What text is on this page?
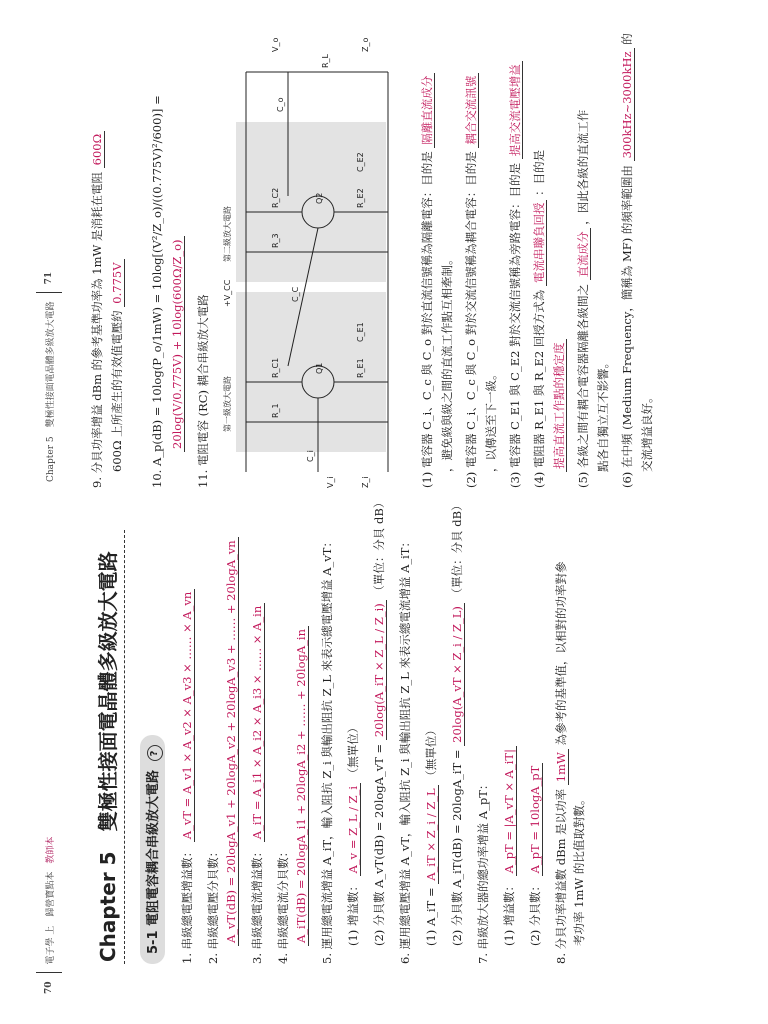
70
電子學 上　歸營寶點本
教師本 Chapter 5　雙極性接面電晶體多級放大電路	5-1 電阻電容耦合串級放大電路 ?
1. 串級總電壓增益數： A_vT = A_v1 × A_v2 × A_v3 × …… × A_vn
2. 串級總電壓分貝數： A_vT(dB) = 20logA_v1 + 20logA_v2 + 20logA_v3 + …… + 20logA_vn 3. 串級總電流增益數： A_iT = A_i1 × A_i2 × A_i3 × …… × A_in
4. 串級總電流分貝數： A_iT(dB) = 20logA_i1 + 20logA_i2 + …… + 20logA_in 5. 運用總電流增益 A_iT，輸入阻抗 Z_i 與輸出阻抗 Z_L 來表示總電壓增益 A_vT： (1) 增益數： A_v = Z_L / Z_i （無單位） (2) 分貝數 A_vT(dB) = 20logA_vT = 20log(A_iT × Z_L / Z_i) （單位：分貝 dB） 6. 運用總電壓增益 A_vT，輸入阻抗 Z_i 與輸出阻抗 Z_L 來表示總電流增益 A_iT： (1) A_iT = A_iT × Z_i / Z_L （無單位） (2) 分貝數 A_iT(dB) = 20logA_iT = 20log(A_vT × Z_i / Z_L) （單位：分貝 dB）
7. 串級放大器的總功率增益 A_pT： (1) 增益數： A_pT = |A_vT × A_iT|
(2) 分貝數： A_pT = 10logA_pT 8. 分貝功率增益數 dBm 是以功率 1mW 為參考的基準值，以相對的功率對參
考功率 1mW 的比值取對數。
Chapter 5　雙極性接面電晶體多級放大電路
71	9. 分貝功率增益 dBm 的參考基準功率為 1mW 是消耗在電阻 600Ω
600Ω 上所產生的有效值電壓約 0.775V 10. A_p(dB) = 10log(P_o/1mW) = 10log[(V²/Z_o)/((0.775V)²/600)] = 20log(V/0.775V) + 10log(600Ω/Z_o) 11. 電阻電容 (RC) 耦合串級放大電路 第一級放大電路
第二級放大電路
+V_CC
Q1
Q2
R_1
R_C1	R_E1
C_E1
C_i
C_C
R_3
R_C2	R_E2
C_E2
C_o
R_L
V_i
V_o
Z_i
Z_o
(1) 電容器 C_i、C_c 與 C_o 對於直流信號稱為隔離電容：目的是 隔離直流成分
，避免級與級之間的直流工作點互相牽制。 (2) 電容器 C_i、C_c 與 C_o 對於交流信號稱為耦合電容：目的是 耦合交流訊號
，以傳送至下一級。 (3) 電容器 C_E1 與 C_E2 對於交流信號稱為旁路電容：目的是 提高交流電壓增益
(4) 電阻器 R_E1 與 R_E2 回授方式為 電流串聯負回授 ：目的是
提高直流工作點的穩定度 (5) 各級之間有耦合電容器隔離各級間之 直流成分 ，因此各級的直流工作
點各自獨立互不影響。 (6) 在中頻 (Medium Frequency，簡稱為 MF) 的頻率範圍由 300kHz~3000kHz 的
交流增益良好。
